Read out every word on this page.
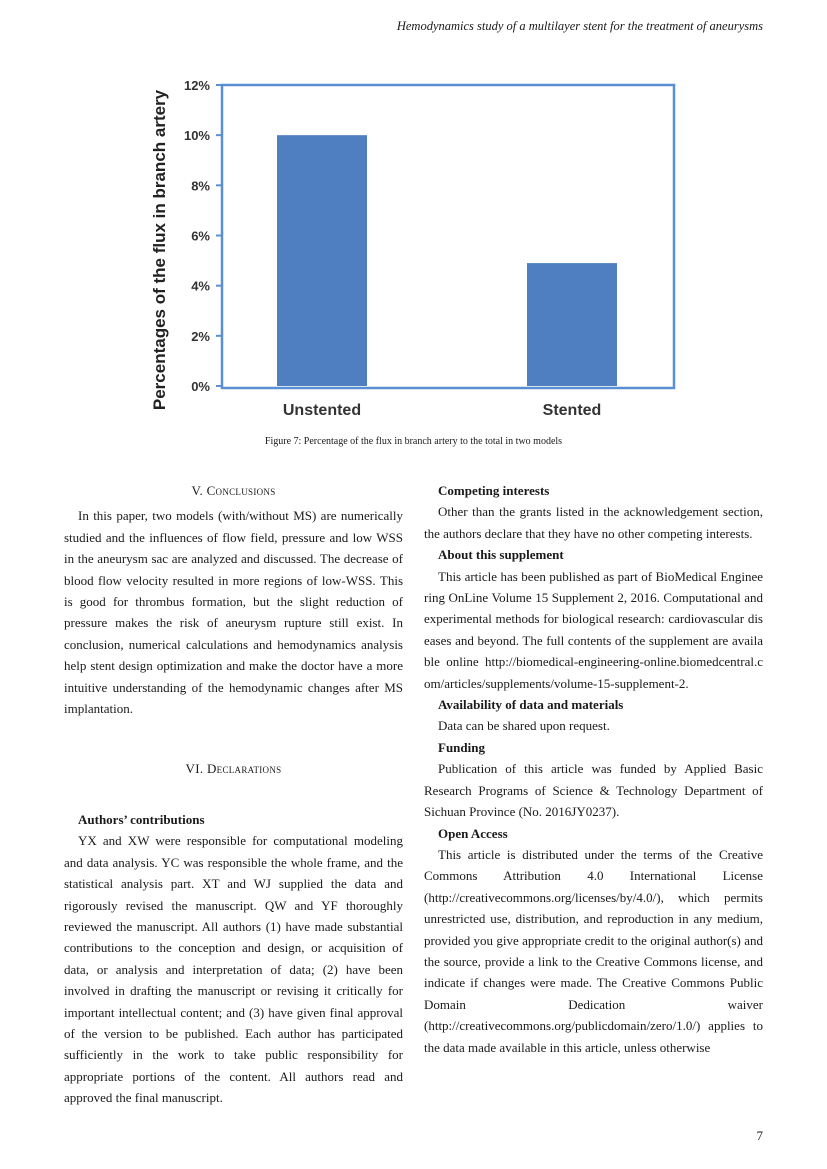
Hemodynamics study of a multilayer stent for the treatment of aneurysms
Percentages of the flux in branch artery 0%
2%
4%
6%
8%
10%
12%
Unstented	Stented
Figure 7: Percentage of the flux in branch artery to the total in two models
V. Conclusions

In this paper, two models (with/without MS) are numerically studied and the influences of flow field, pressure and low WSS in the aneurysm sac are analyzed and discussed. The decrease of blood flow velocity resulted in more regions of low-WSS. This is good for thrombus formation, but the slight reduction of pressure makes the risk of aneurysm rupture still exist. In conclusion, numerical calculations and hemodynamics analysis help stent design optimization and make the doctor have a more intuitive understanding of the hemodynamic changes after MS implantation.

VI. Declarations
Authors’ contributions

YX and XW were responsible for computational modeling and data analysis. YC was responsible the whole frame, and the statistical analysis part. XT and WJ supplied the data and rigorously revised the manuscript. QW and YF thoroughly reviewed the manuscript. All authors (1) have made substantial contributions to the conception and design, or acquisition of data, or analysis and interpretation of data; (2) have been involved in drafting the manuscript or revising it critically for important intellectual content; and (3) have given final approval of the version to be published. Each author has participated sufficiently in the work to take public responsibility for appropriate portions of the content. All authors read and approved the final manuscript.

Competing interests

Other than the grants listed in the acknowledgement section, the authors declare that they have no other competing interests.

About this supplement

This article has been published as part of BioMedical Engineering OnLine Volume 15 Supplement 2, 2016. Computational and experimental methods for biological research: cardiovascular diseases and beyond. The full contents of the supplement are available online http://biomedical-engineering-online.biomedcentral.com/articles/supplements/volume-15-supplement-2.

Availability of data and materials

Data can be shared upon request.

Funding

Publication of this article was funded by Applied Basic Research Programs of Science & Technology Department of Sichuan Province (No. 2016JY0237).

Open Access

This article is distributed under the terms of the Creative Commons Attribution 4.0 International License (http://creativecommons.org/licenses/by/4.0/), which permits unrestricted use, distribution, and reproduction in any medium, provided you give appropriate credit to the original author(s) and the source, provide a link to the Creative Commons license, and indicate if changes were made. The Creative Commons Public Domain Dedication waiver (http://creativecommons.org/publicdomain/zero/1.0/) applies to the data made available in this article, unless otherwise

7
